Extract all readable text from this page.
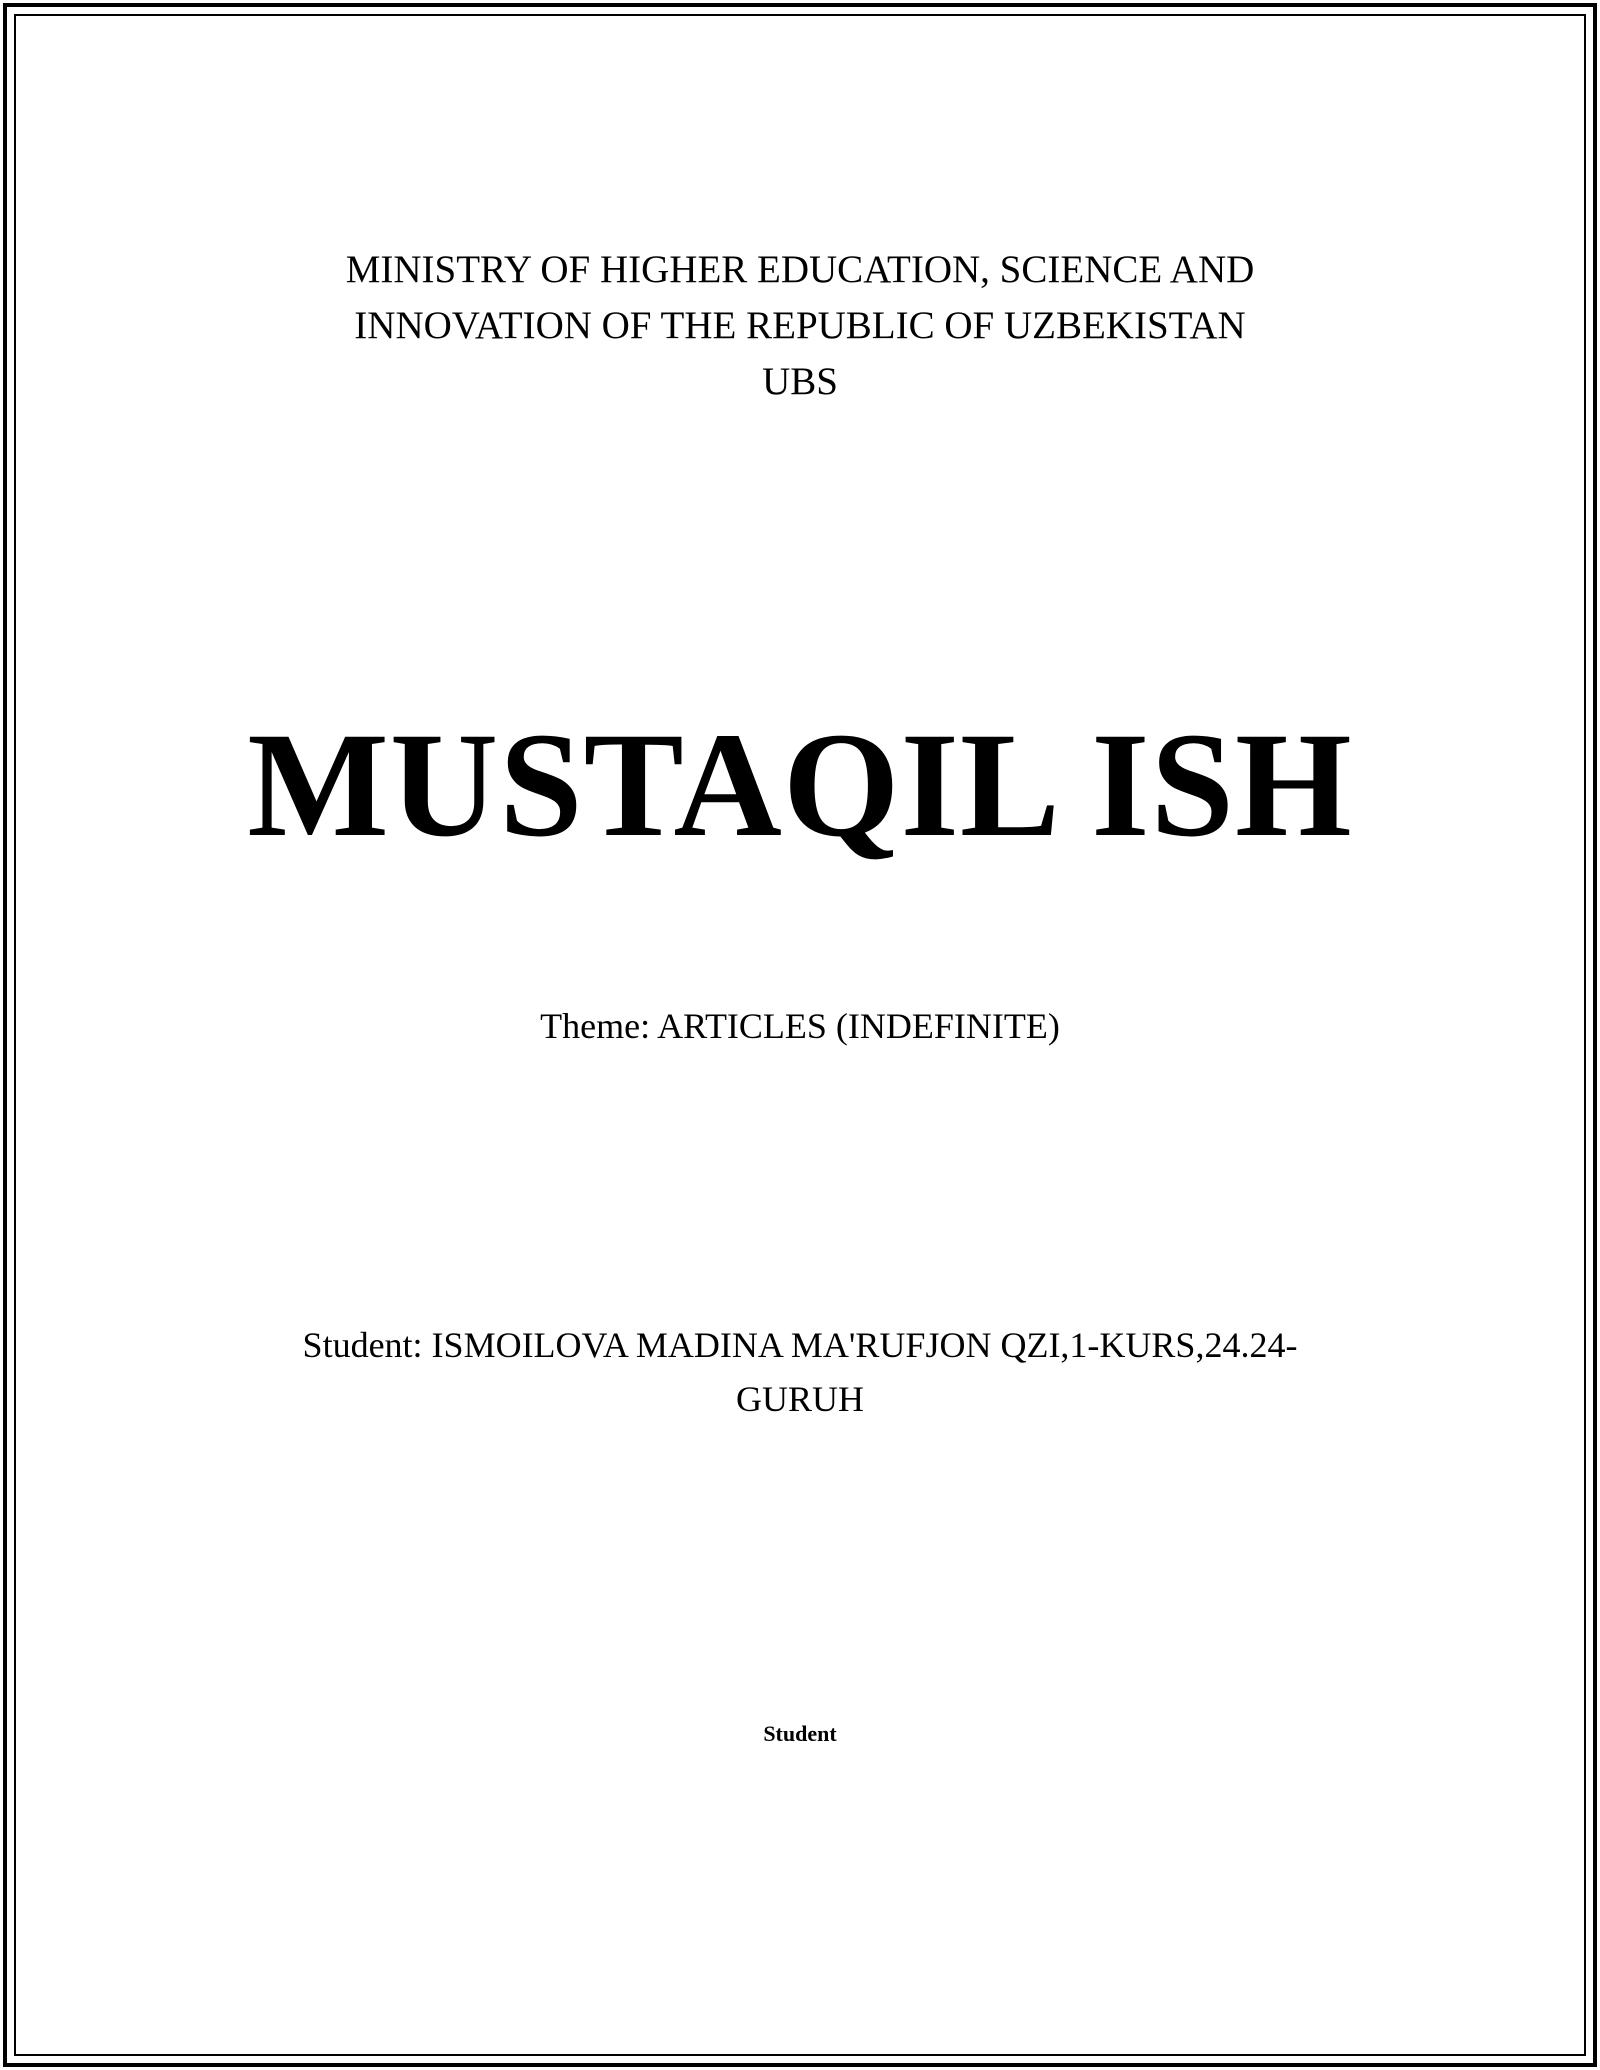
MINISTRY OF HIGHER EDUCATION, SCIENCE AND
INNOVATION OF THE REPUBLIC OF UZBEKISTAN
UBS
MUSTAQIL ISH
Theme: ARTICLES (INDEFINITE)
Student: ISMOILOVA MADINA MA'RUFJON QZI,1-KURS,24.24-
GURUH
Student
